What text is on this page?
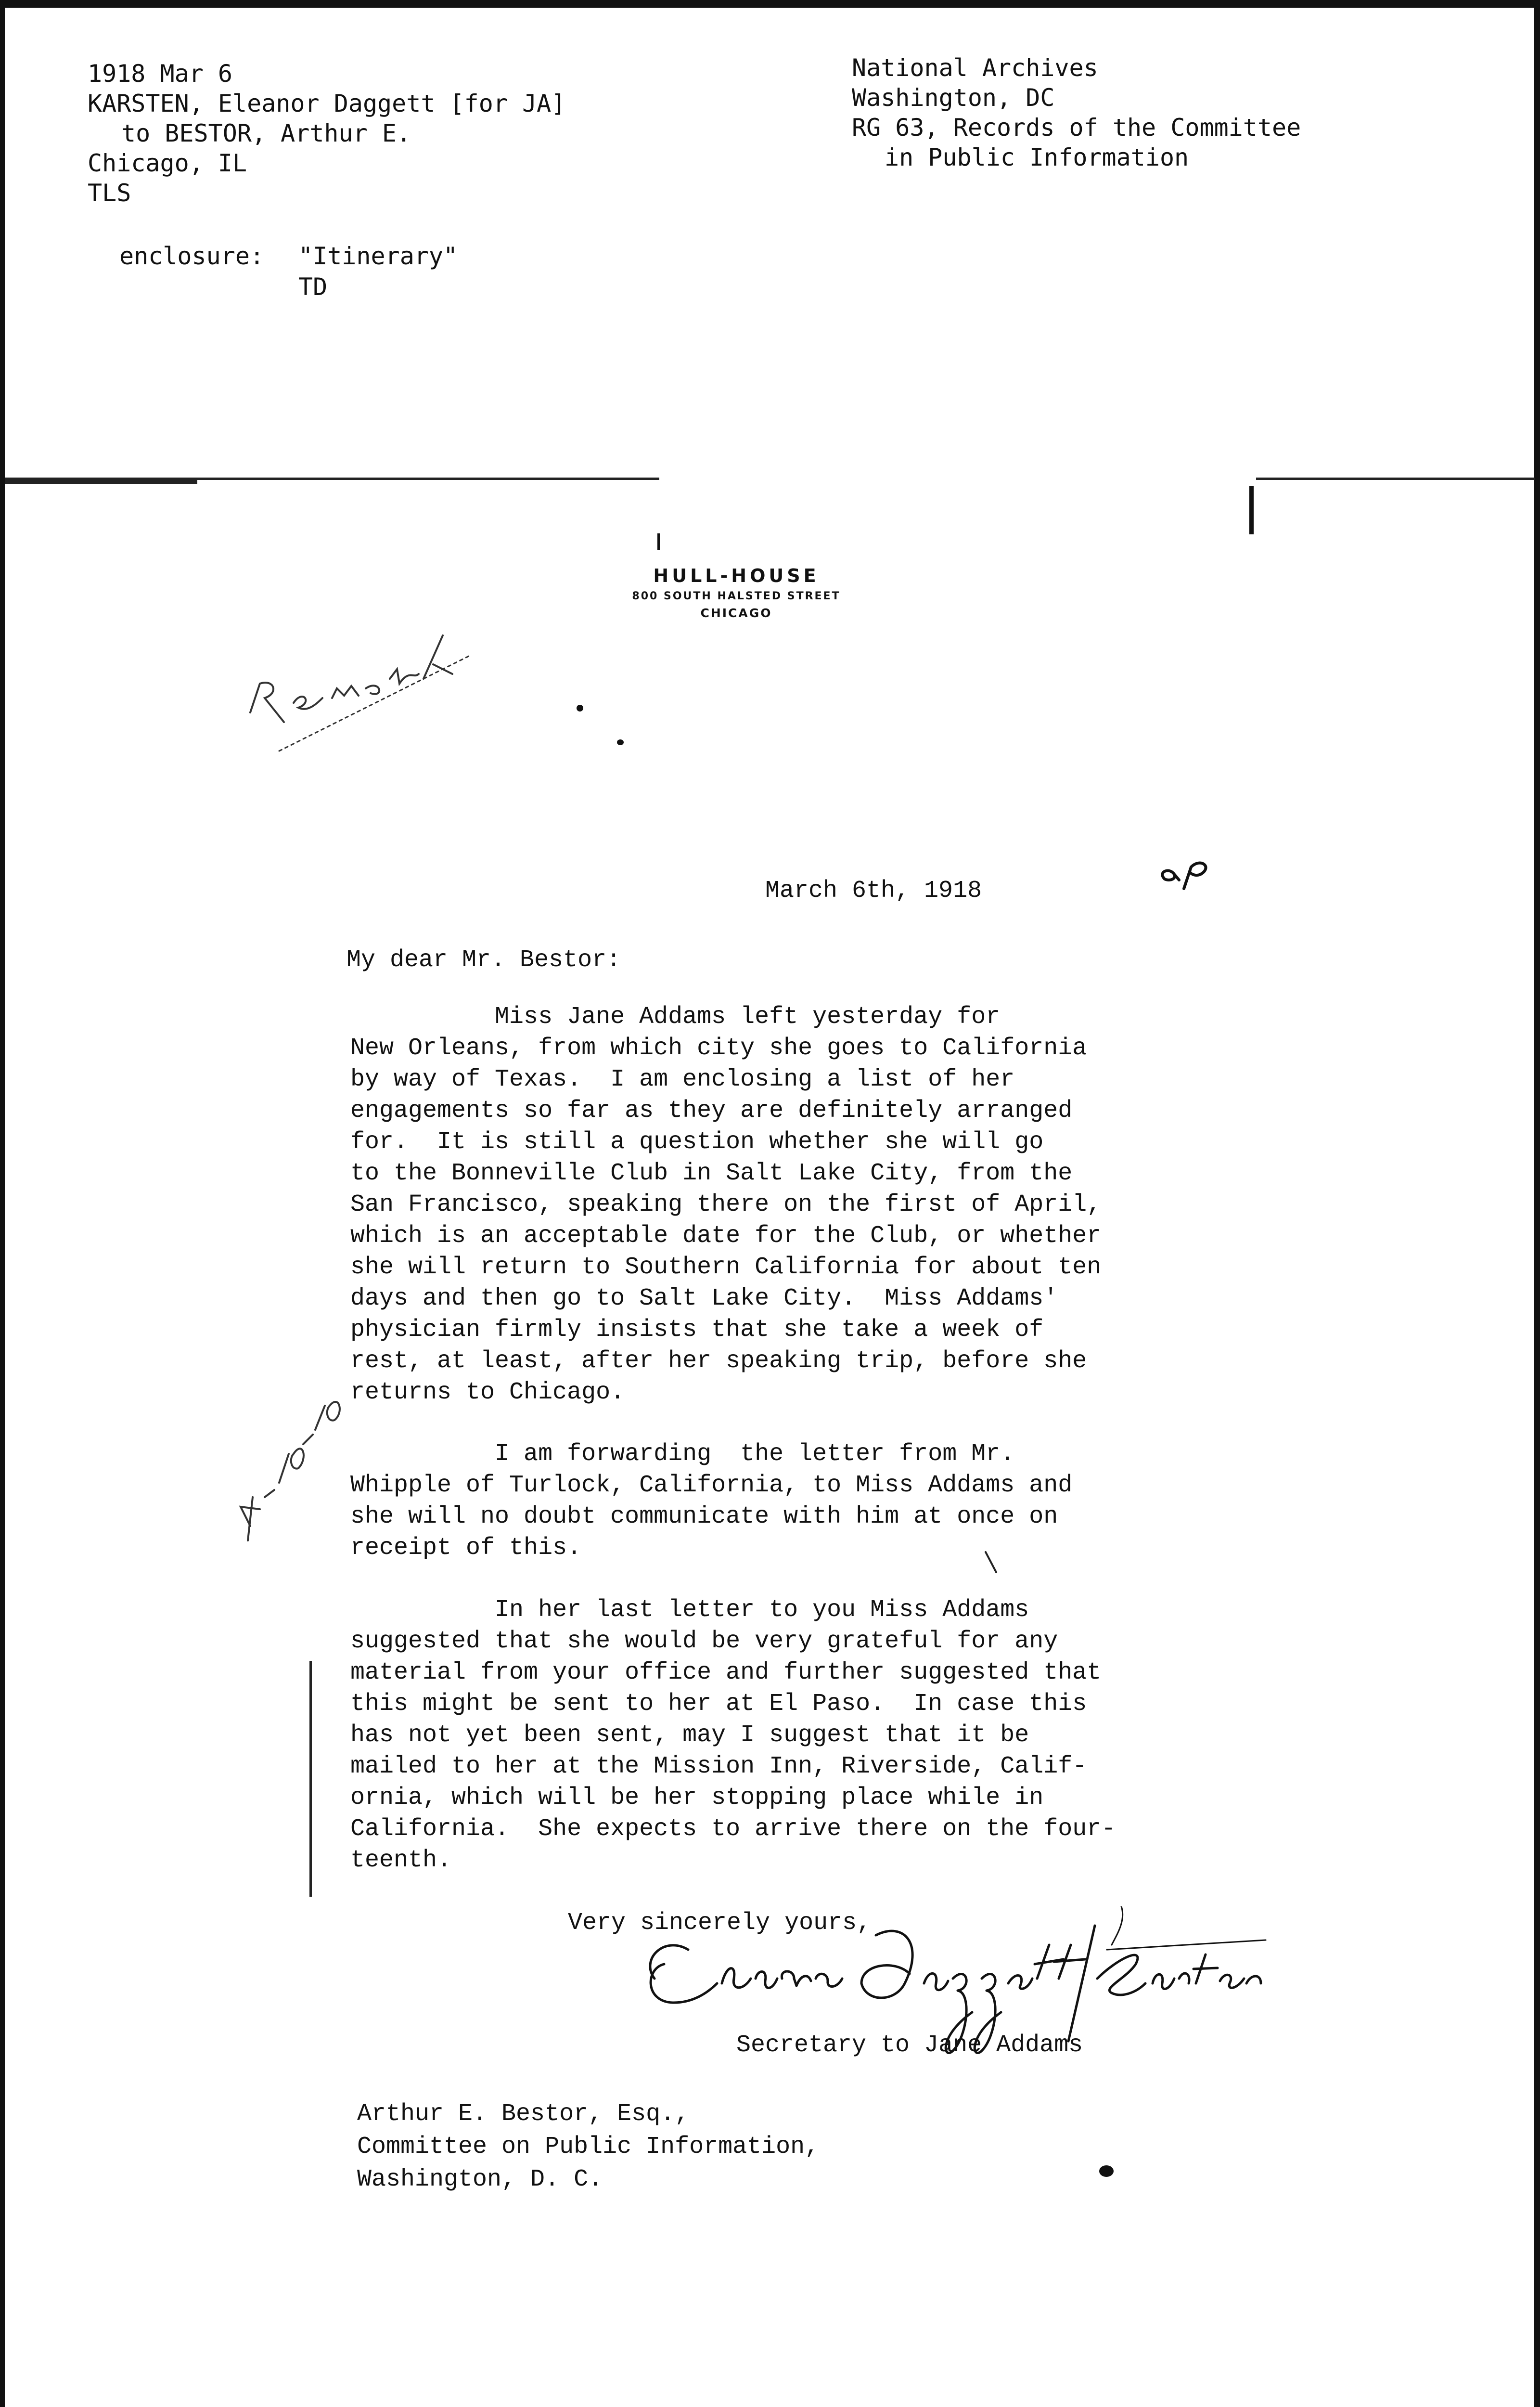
1918 Mar 6
KARSTEN, Eleanor Daggett [for JA]
to BESTOR, Arthur E.
Chicago, IL
TLS
National Archives
Washington, DC
RG 63, Records of the Committee
in Public Information
enclosure:	"Itinerary"
TD
HULL-HOUSE
800 SOUTH HALSTED STREET
CHICAGO
March 6th, 1918
My dear Mr. Bestor:

Miss Jane Addams left yesterday for
New Orleans, from which city she goes to California
by way of Texas.  I am enclosing a list of her
engagements so far as they are definitely arranged
for.  It is still a question whether she will go
to the Bonneville Club in Salt Lake City, from the
San Francisco, speaking there on the first of April,
which is an acceptable date for the Club, or whether
she will return to Southern California for about ten
days and then go to Salt Lake City.  Miss Addams'
physician firmly insists that she take a week of
rest, at least, after her speaking trip, before she
returns to Chicago.

I am forwarding  the letter from Mr.
Whipple of Turlock, California, to Miss Addams and
she will no doubt communicate with him at once on
receipt of this.

In her last letter to you Miss Addams
suggested that she would be very grateful for any
material from your office and further suggested that
this might be sent to her at El Paso.  In case this
has not yet been sent, may I suggest that it be
mailed to her at the Mission Inn, Riverside, Calif-
ornia, which will be her stopping place while in
California.  She expects to arrive there on the four-
teenth.

Very sincerely yours,
Secretary to Jane Addams
Arthur E. Bestor, Esq.,
Committee on Public Information,
Washington, D. C.
